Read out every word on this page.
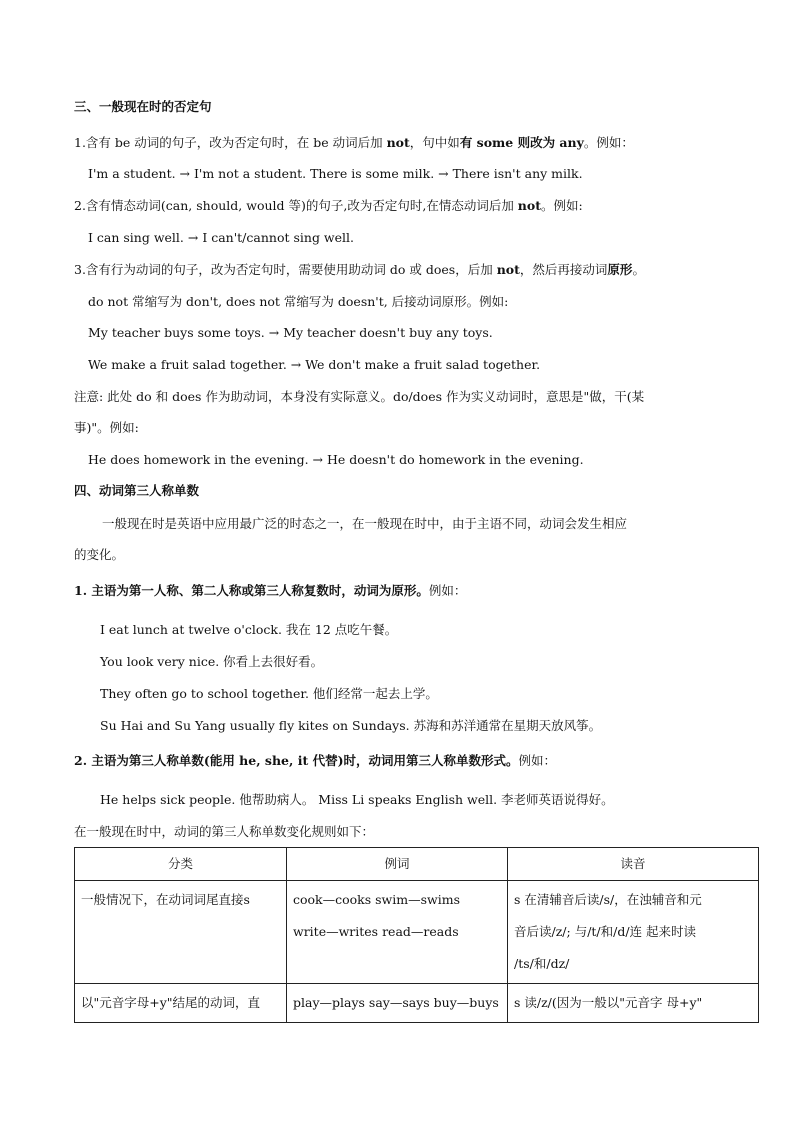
三、一般现在时的否定句
1.含有 be 动词的句子，改为否定句时，在 be 动词后加 not，句中如有 some 则改为 any。例如：
I'm a student. → I'm not a student. There is some milk. → There isn't any milk.
2.含有情态动词(can, should, would 等)的句子,改为否定句时,在情态动词后加 not。例如:
I can sing well. → I can't/cannot sing well.
3.含有行为动词的句子，改为否定句时，需要使用助动词 do 或 does，后加 not，然后再接动词原形。
do not 常缩写为 don't, does not 常缩写为 doesn't, 后接动词原形。例如:
My teacher buys some toys. → My teacher doesn't buy any toys.
We make a fruit salad together. → We don't make a fruit salad together.
注意: 此处 do 和 does 作为助动词，本身没有实际意义。do/does 作为实义动词时，意思是"做，干(某
事)"。例如:
He does homework in the evening. → He doesn't do homework in the evening.
四、动词第三人称单数
一般现在时是英语中应用最广泛的时态之一，在一般现在时中，由于主语不同，动词会发生相应
的变化。
1. 主语为第一人称、第二人称或第三人称复数时，动词为原形。例如：
I eat lunch at twelve o'clock. 我在 12 点吃午餐。
You look very nice. 你看上去很好看。
They often go to school together. 他们经常一起去上学。
Su Hai and Su Yang usually fly kites on Sundays. 苏海和苏洋通常在星期天放风筝。
2. 主语为第三人称单数(能用 he, she, it 代替)时，动词用第三人称单数形式。例如：
He helps sick people. 他帮助病人。 Miss Li speaks English well. 李老师英语说得好。
在一般现在时中，动词的第三人称单数变化规则如下：
分类	例词	读音

一般情况下，在动词词尾直接s	cook—cooks swim—swims
write—writes read—reads	s 在清辅音后读/s/，在浊辅音和元
音后读/z/; 与/t/和/d/连 起来时读
/ts/和/dz/

以"元音字母+y"结尾的动词，直	play—plays say—says buy—buys	s 读/z/(因为一般以"元音字 母+y"
